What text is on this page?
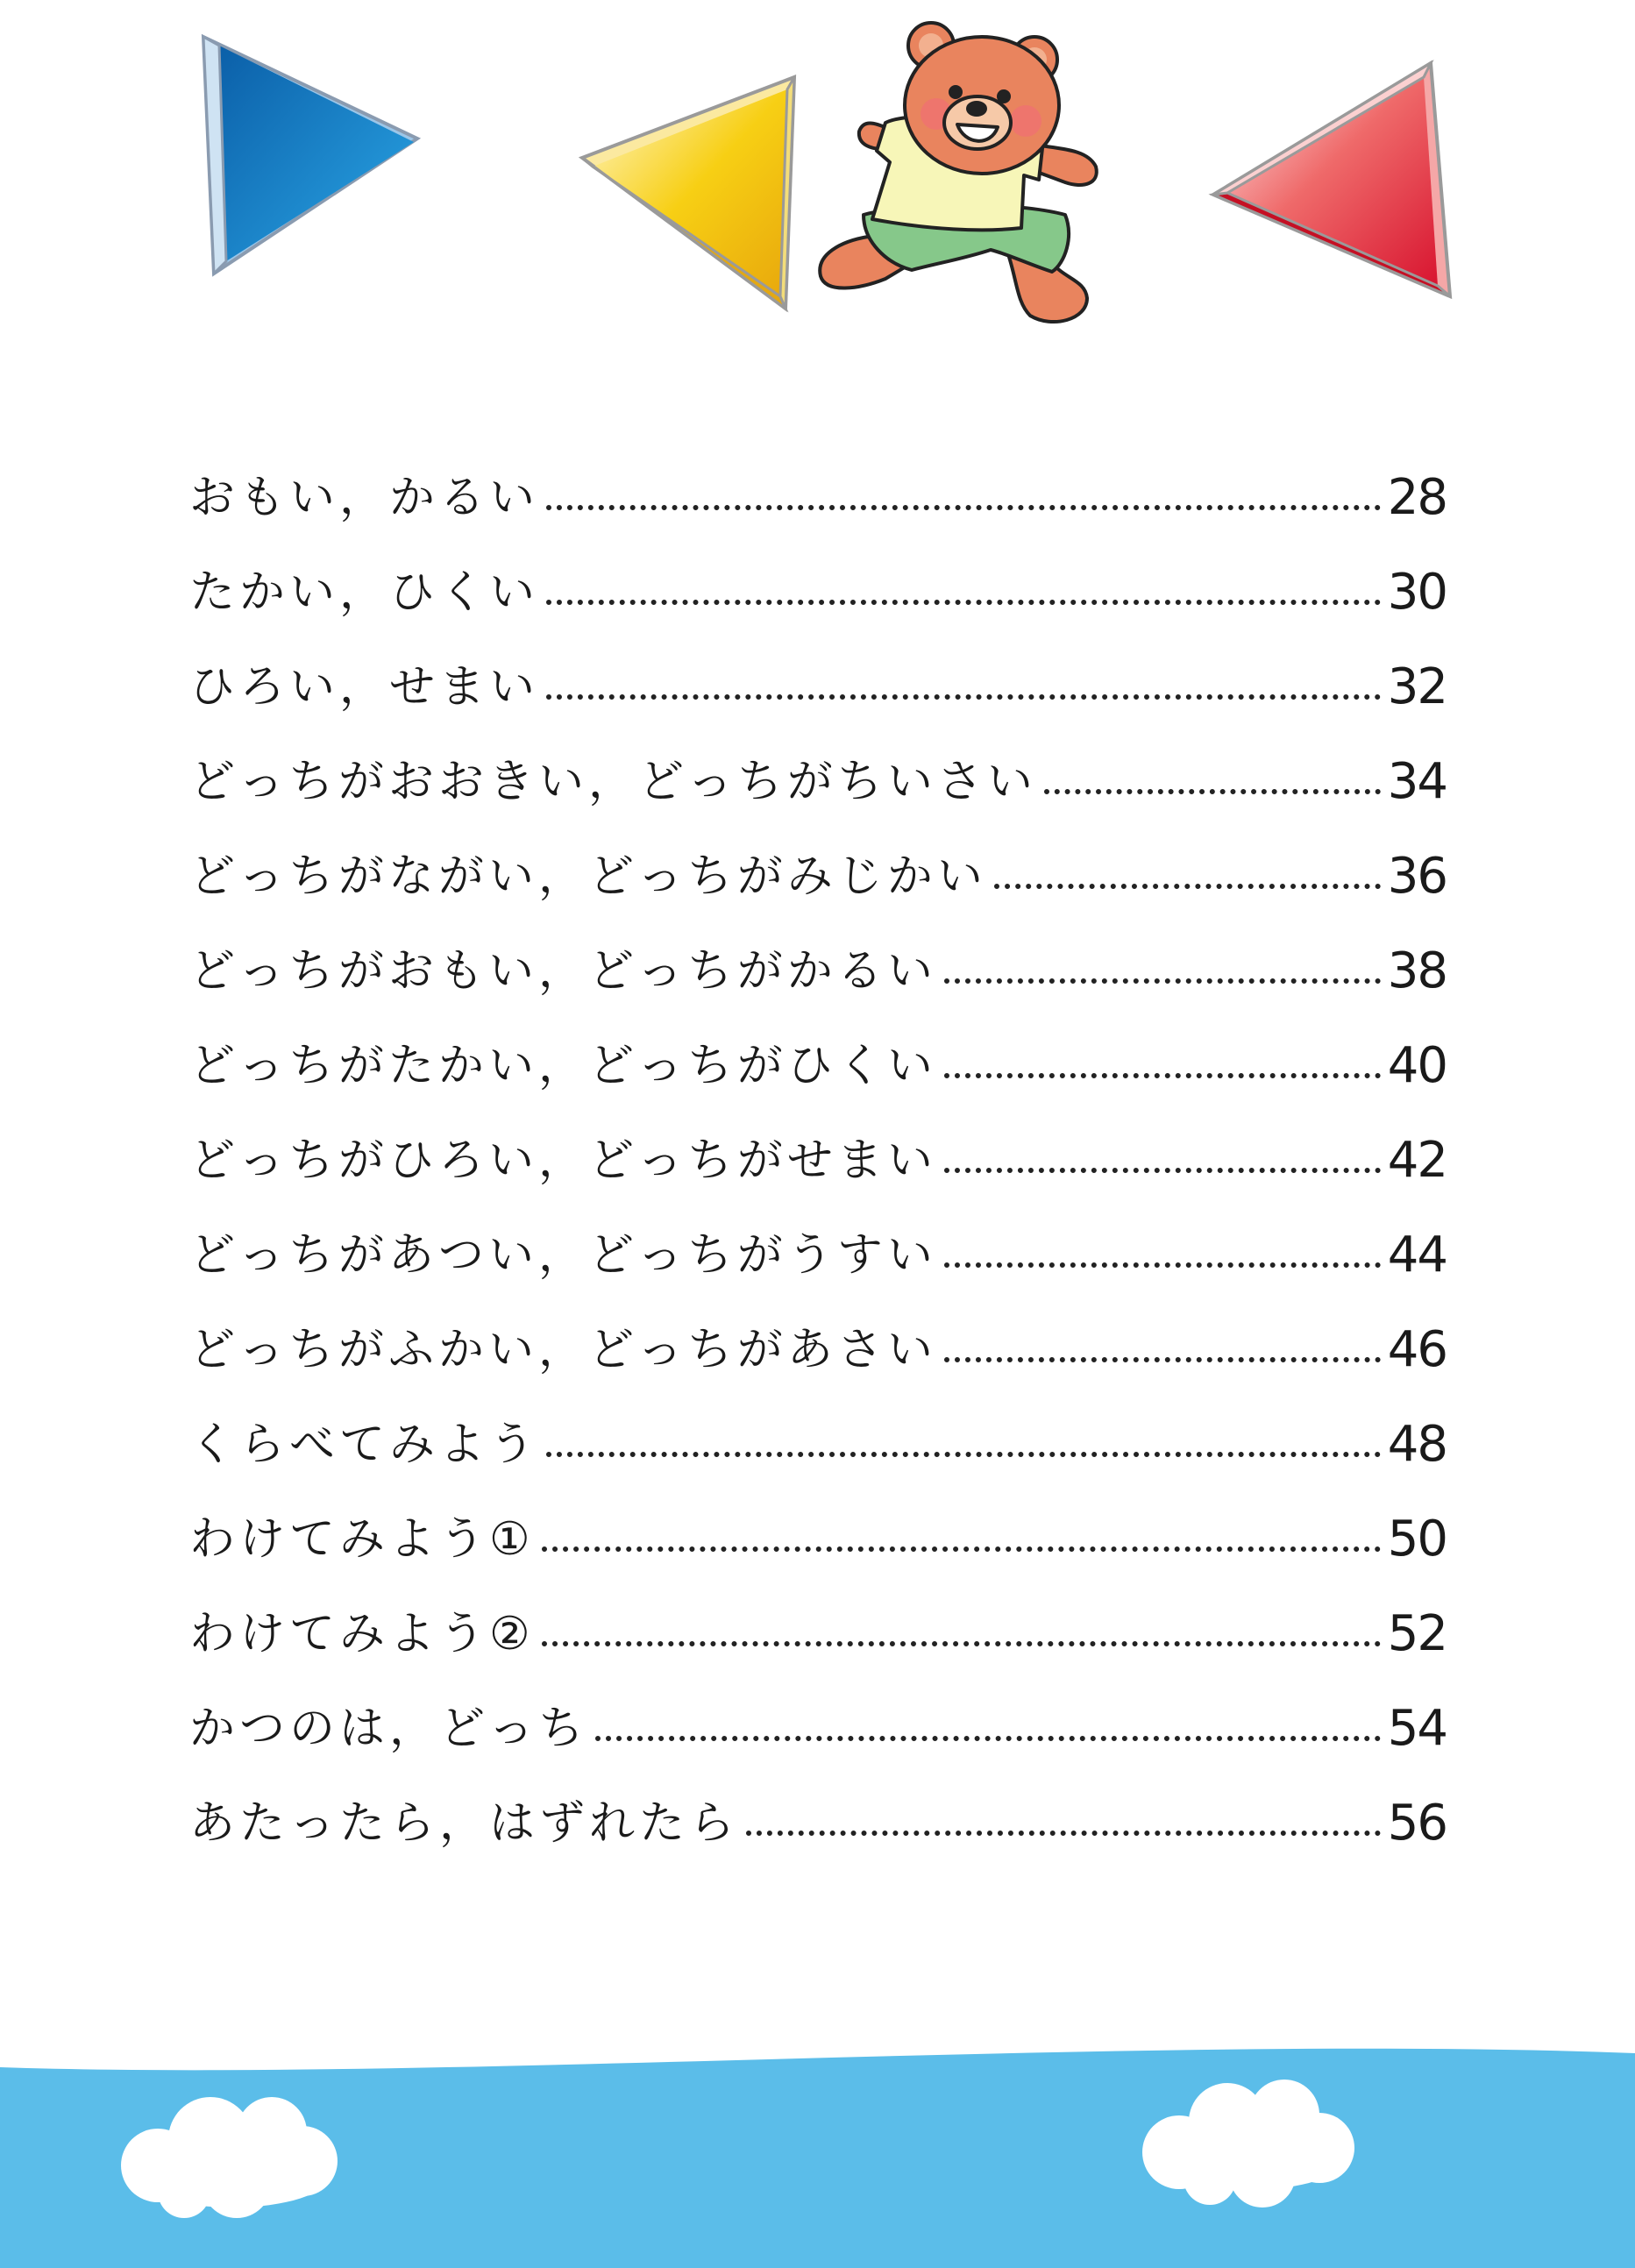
おもい，かるい	28
たかい，ひくい	30
ひろい，せまい	32
どっちがおおきい，どっちがちいさい	34
どっちがながい，どっちがみじかい	36
どっちがおもい，どっちがかるい	38
どっちがたかい，どっちがひくい	40
どっちがひろい，どっちがせまい	42
どっちがあつい，どっちがうすい	44
どっちがふかい，どっちがあさい	46
くらべてみよう	48
わけてみよう①	50
わけてみよう②	52
かつのは，どっち	54
あたったら，はずれたら	56
